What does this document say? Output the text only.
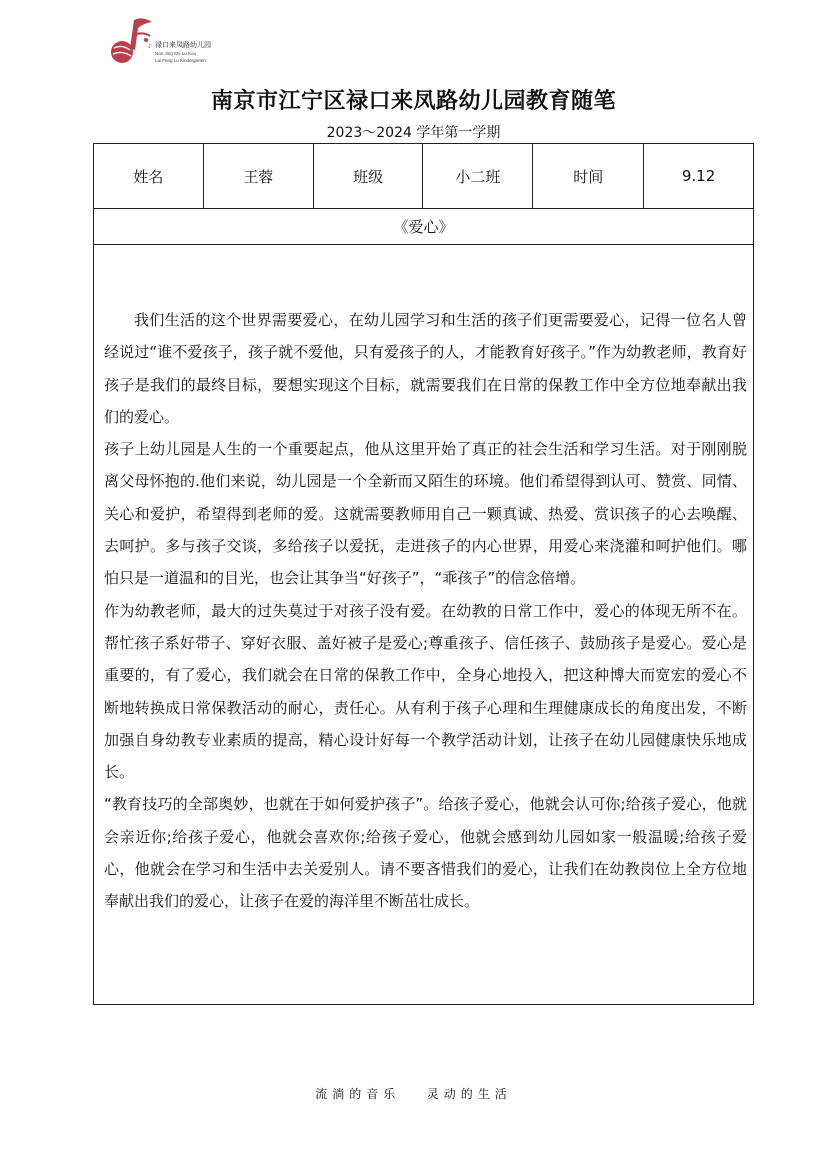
♪ 禄口来凤路幼儿园
Nan Jing Shi Lu Kou
Lai Feng Lu Kindergarten
南京市江宁区禄口来凤路幼儿园教育随笔
2023～2024 学年第一学期
姓名	王蓉	班级	小二班	时间	9.12
《爱心》

我们生活的这个世界需要爱心，在幼儿园学习和生活的孩子们更需要爱心，记得一位名人曾经说过“谁不爱孩子，孩子就不爱他，只有爱孩子的人，才能教育好孩子。”作为幼教老师，教育好孩子是我们的最终目标，要想实现这个目标，就需要我们在日常的保教工作中全方位地奉献出我们的爱心。

孩子上幼儿园是人生的一个重要起点，他从这里开始了真正的社会生活和学习生活。对于刚刚脱离父母怀抱的.他们来说，幼儿园是一个全新而又陌生的环境。他们希望得到认可、赞赏、同情、关心和爱护，希望得到老师的爱。这就需要教师用自己一颗真诚、热爱、赏识孩子的心去唤醒、去呵护。多与孩子交谈，多给孩子以爱抚，走进孩子的内心世界，用爱心来浇灌和呵护他们。哪怕只是一道温和的目光，也会让其争当“好孩子”，“乖孩子”的信念倍增。

作为幼教老师，最大的过失莫过于对孩子没有爱。在幼教的日常工作中，爱心的体现无所不在。帮忙孩子系好带子、穿好衣服、盖好被子是爱心;尊重孩子、信任孩子、鼓励孩子是爱心。爱心是重要的，有了爱心，我们就会在日常的保教工作中，全身心地投入，把这种博大而宽宏的爱心不断地转换成日常保教活动的耐心，责任心。从有利于孩子心理和生理健康成长的角度出发，不断加强自身幼教专业素质的提高，精心设计好每一个教学活动计划，让孩子在幼儿园健康快乐地成长。

“教育技巧的全部奥妙，也就在于如何爱护孩子”。给孩子爱心，他就会认可你;给孩子爱心，他就会亲近你;给孩子爱心，他就会喜欢你;给孩子爱心，他就会感到幼儿园如家一般温暖;给孩子爱心，他就会在学习和生活中去关爱别人。请不要吝惜我们的爱心，让我们在幼教岗位上全方位地奉献出我们的爱心，让孩子在爱的海洋里不断茁壮成长。

流淌的音乐   灵动的生活
